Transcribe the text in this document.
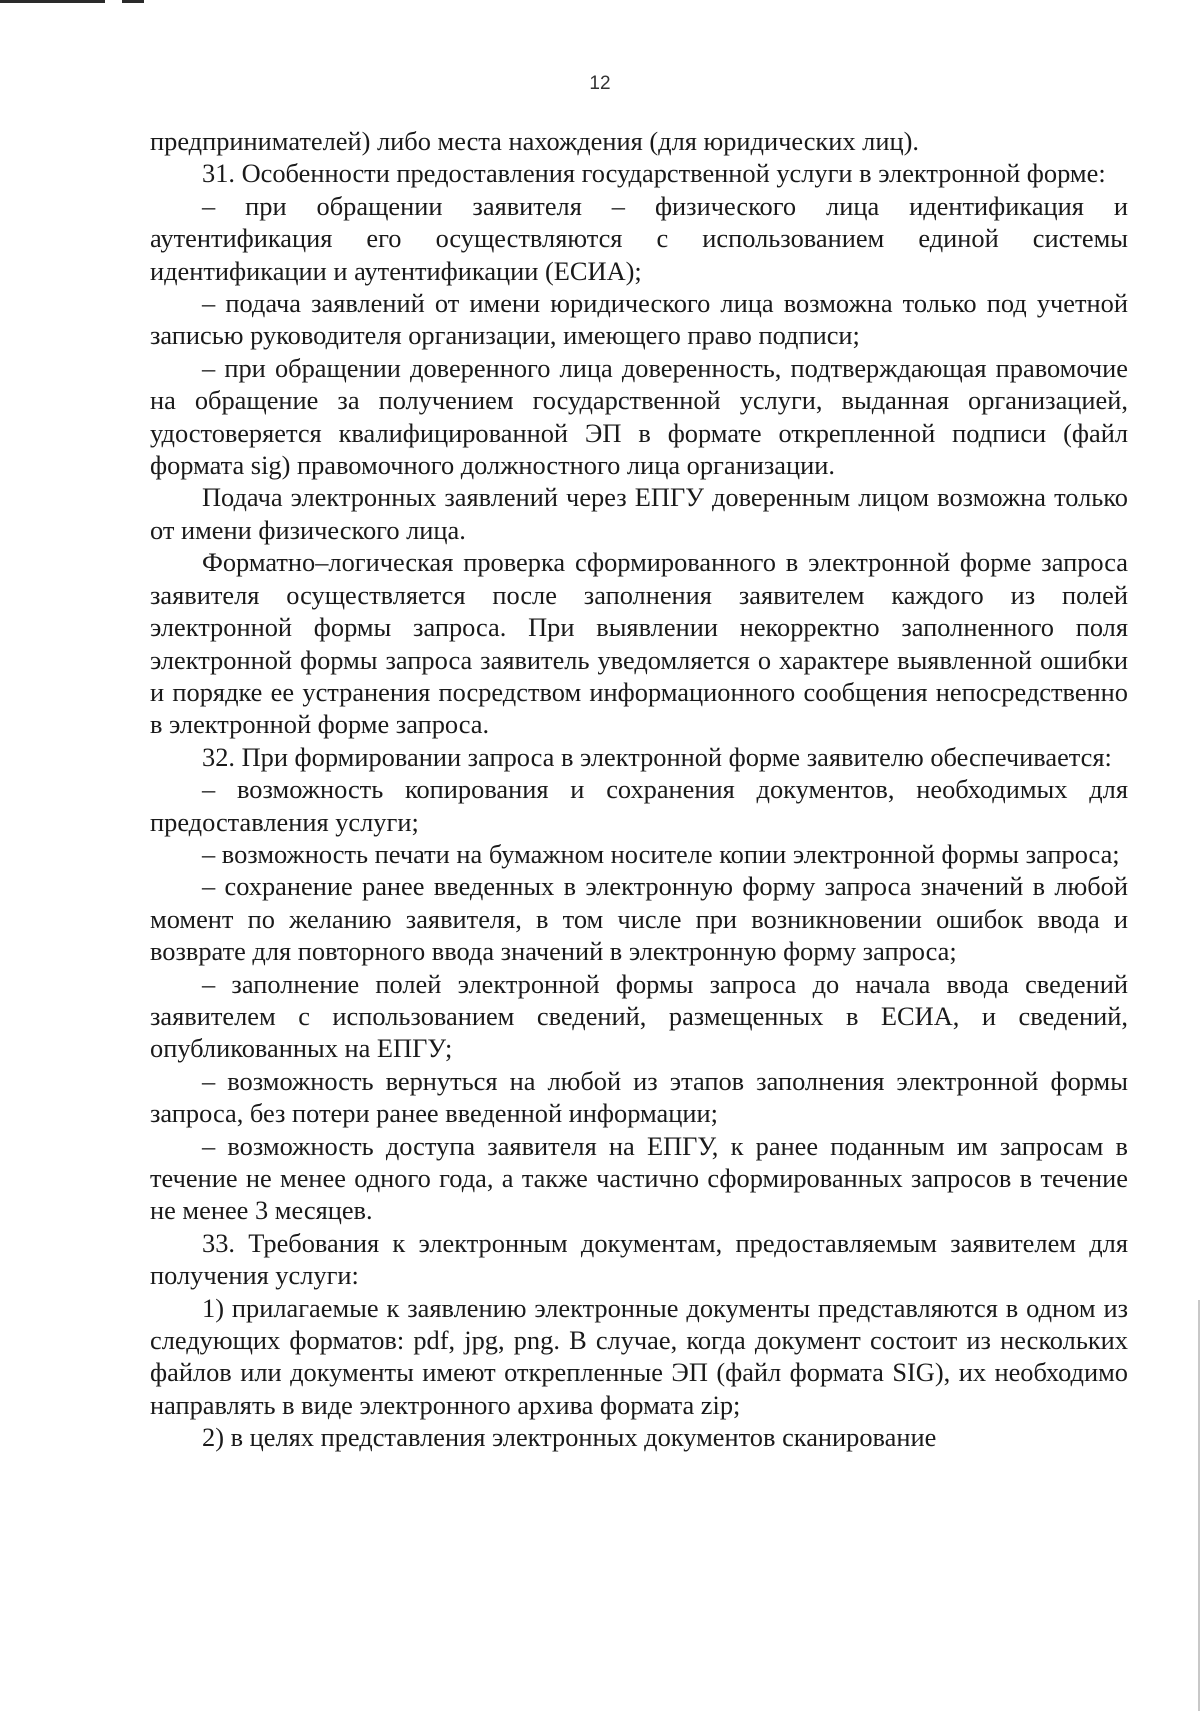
12

предпринимателей) либо места нахождения (для юридических лиц).

31. Особенности предоставления государственной услуги в электронной форме:

– при обращении заявителя – физического лица идентификация и аутентификация его осуществляются с использованием единой системы идентификации и аутентификации (ЕСИА);

– подача заявлений от имени юридического лица возможна только под учетной записью руководителя организации, имеющего право подписи;

– при обращении доверенного лица доверенность, подтверждающая правомочие на обращение за получением государственной услуги, выданная организацией, удостоверяется квалифицированной ЭП в формате открепленной подписи (файл формата sig) правомочного должностного лица организации.

Подача электронных заявлений через ЕПГУ доверенным лицом возможна только от имени физического лица.

Форматно–логическая проверка сформированного в электронной форме запроса заявителя осуществляется после заполнения заявителем каждого из полей электронной формы запроса. При выявлении некорректно заполненного поля электронной формы запроса заявитель уведомляется о характере выявленной ошибки и порядке ее устранения посредством информационного сообщения непосредственно в электронной форме запроса.

32. При формировании запроса в электронной форме заявителю обеспечивается:

– возможность копирования и сохранения документов, необходимых для предоставления услуги;

– возможность печати на бумажном носителе копии электронной формы запроса;

– сохранение ранее введенных в электронную форму запроса значений в любой момент по желанию заявителя, в том числе при возникновении ошибок ввода и возврате для повторного ввода значений в электронную форму запроса;

– заполнение полей электронной формы запроса до начала ввода сведений заявителем с использованием сведений, размещенных в ЕСИА, и сведений, опубликованных на ЕПГУ;

– возможность вернуться на любой из этапов заполнения электронной формы запроса, без потери ранее введенной информации;

– возможность доступа заявителя на ЕПГУ, к ранее поданным им запросам в течение не менее одного года, а также частично сформированных запросов в течение не менее 3 месяцев.

33. Требования к электронным документам, предоставляемым заявителем для получения услуги:

1) прилагаемые к заявлению электронные документы представляются в одном из следующих форматов: pdf, jpg, png. В случае, когда документ состоит из нескольких файлов или документы имеют открепленные ЭП (файл формата SIG), их необходимо направлять в виде электронного архива формата zip;

2) в целях представления электронных документов сканирование
